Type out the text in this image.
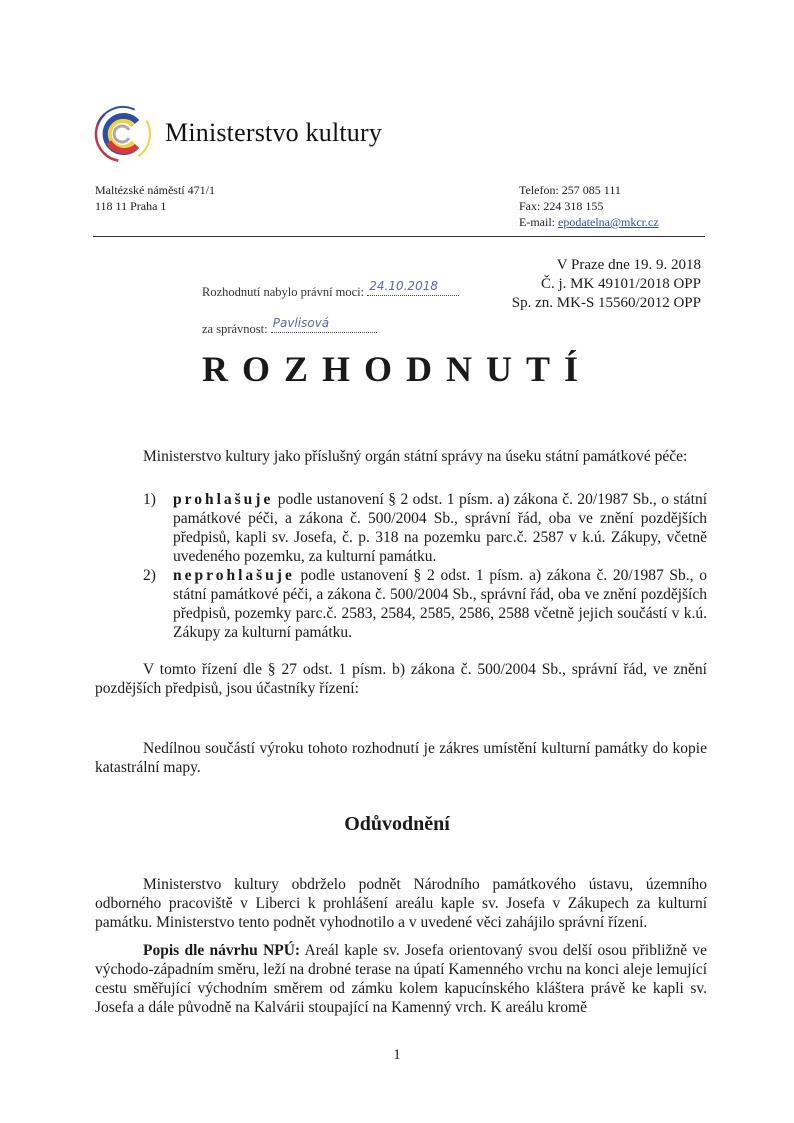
Ministerstvo kultury
Maltézské náměstí 471/1
118 11 Praha 1
Telefon: 257 085 111
Fax: 224 318 155
E-mail: epodatelna@mkcr.cz
V Praze dne 19. 9. 2018
Č. j. MK 49101/2018 OPP
Sp. zn. MK-S 15560/2012 OPP
Rozhodnutí nabylo právní moci: 24.10.2018
za správnost: Pavlisová
ROZHODNUTÍ
Ministerstvo kultury jako příslušný orgán státní správy na úseku státní památkové péče:
1) prohlašuje podle ustanovení § 2 odst. 1 písm. a) zákona č. 20/1987 Sb., o státní památkové péči, a zákona č. 500/2004 Sb., správní řád, oba ve znění pozdějších předpisů, kapli sv. Josefa, č. p. 318 na pozemku parc.č. 2587 v k.ú. Zákupy, včetně uvedeného pozemku, za kulturní památku.
2) neprohlašuje podle ustanovení § 2 odst. 1 písm. a) zákona č. 20/1987 Sb., o státní památkové péči, a zákona č. 500/2004 Sb., správní řád, oba ve znění pozdějších předpisů, pozemky parc.č. 2583, 2584, 2585, 2586, 2588 včetně jejich součástí v k.ú. Zákupy za kulturní památku.
V tomto řízení dle § 27 odst. 1 písm. b) zákona č. 500/2004 Sb., správní řád, ve znění pozdějších předpisů, jsou účastníky řízení:
Nedílnou součástí výroku tohoto rozhodnutí je zákres umístění kulturní památky do kopie katastrální mapy.
Odůvodnění
Ministerstvo kultury obdrželo podnět Národního památkového ústavu, územního odborného pracoviště v Liberci k prohlášení areálu kaple sv. Josefa v Zákupech za kulturní památku. Ministerstvo tento podnět vyhodnotilo a v uvedené věci zahájilo správní řízení.
Popis dle návrhu NPÚ: Areál kaple sv. Josefa orientovaný svou delší osou přibližně ve východo-západním směru, leží na drobné terase na úpatí Kamenného vrchu na konci aleje lemující cestu směřující východním směrem od zámku kolem kapucínského kláštera právě ke kapli sv. Josefa a dále původně na Kalvárii stoupající na Kamenný vrch. K areálu kromě
1
